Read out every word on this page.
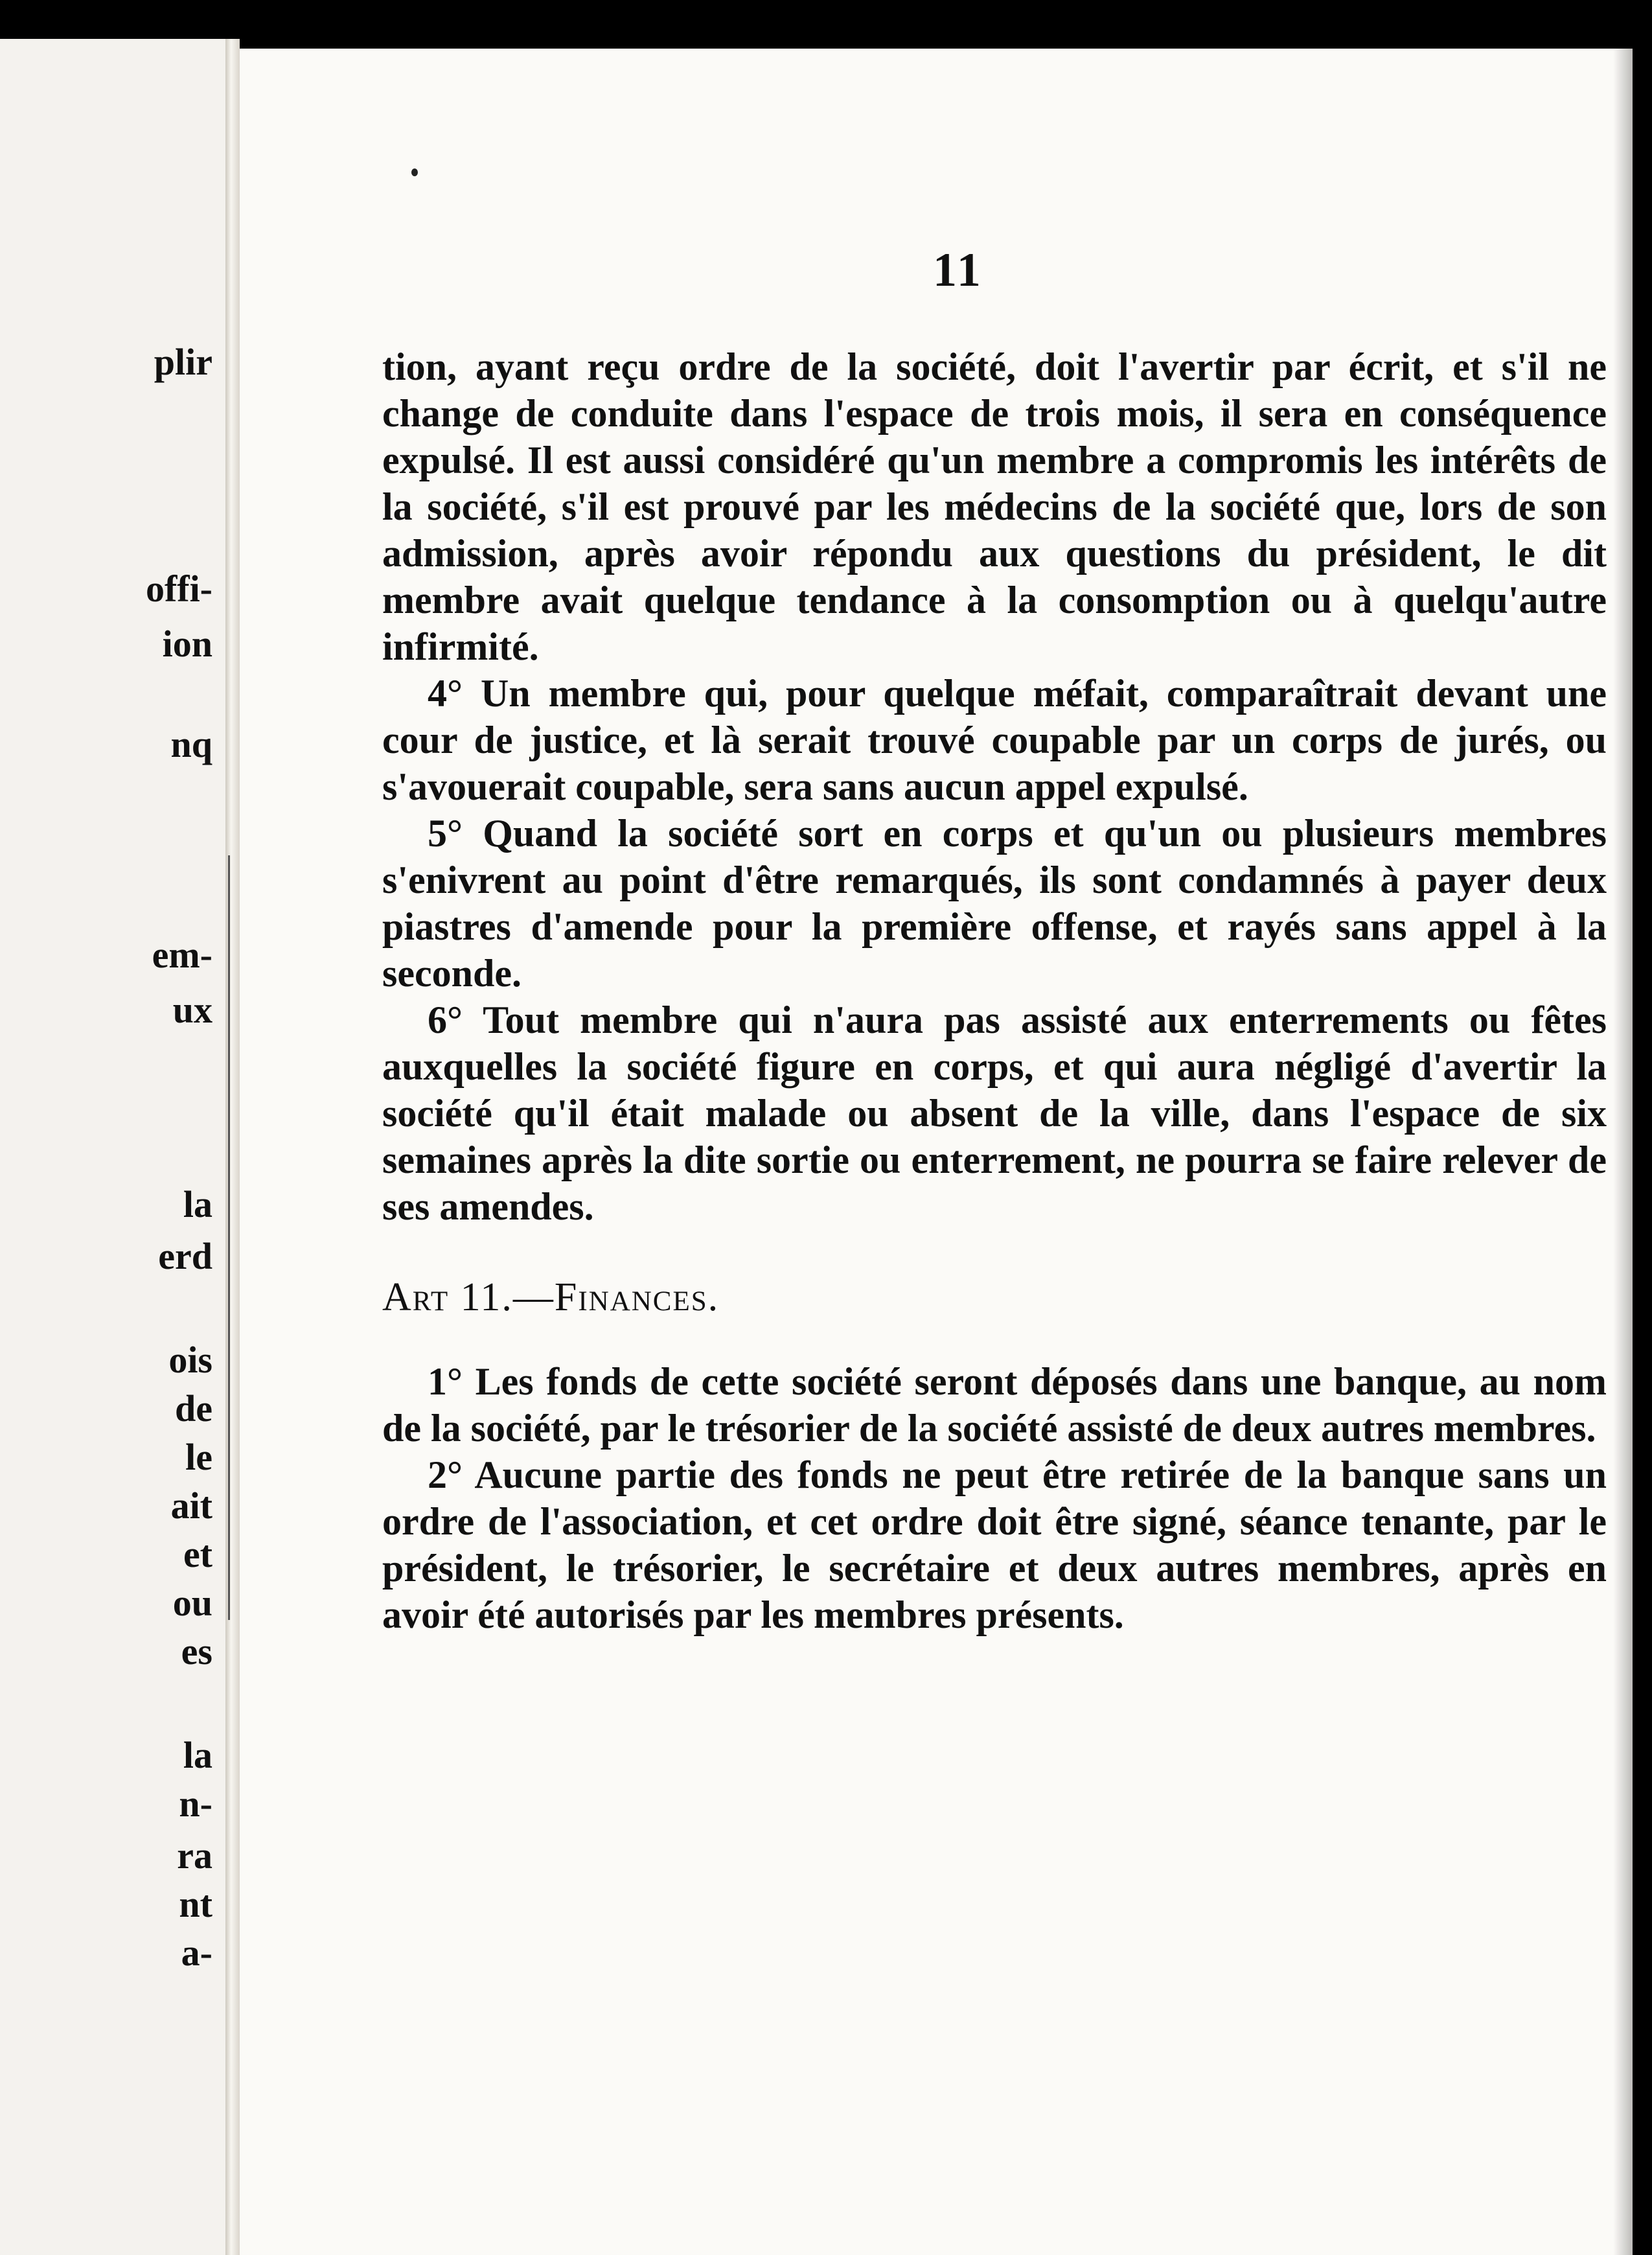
plir
offi-
ion
nq
em-
ux
la
erd
ois
de
le
ait
et
ou
es
la
n-
ra
nt
a-
11

tion, ayant reçu ordre de la société, doit l'avertir par écrit, et s'il ne change de conduite dans l'espace de trois mois, il sera en conséquence expulsé. Il est aussi considéré qu'un membre a compromis les intérêts de la société, s'il est prouvé par les médecins de la société que, lors de son admission, après avoir répondu aux questions du président, le dit membre avait quelque tendance à la consomption ou à quelqu'autre infirmité.

4° Un membre qui, pour quelque méfait, comparaîtrait devant une cour de justice, et là serait trouvé coupable par un corps de jurés, ou s'avouerait coupable, sera sans aucun appel expulsé.

5° Quand la société sort en corps et qu'un ou plusieurs membres s'enivrent au point d'être remarqués, ils sont condamnés à payer deux piastres d'amende pour la première offense, et rayés sans appel à la seconde.

6° Tout membre qui n'aura pas assisté aux enterrements ou fêtes auxquelles la société figure en corps, et qui aura négligé d'avertir la société qu'il était malade ou absent de la ville, dans l'espace de six semaines après la dite sortie ou enterrement, ne pourra se faire relever de ses amendes.

Art 11.—Finances.

1° Les fonds de cette société seront déposés dans une banque, au nom de la société, par le trésorier de la société assisté de deux autres membres.

2° Aucune partie des fonds ne peut être retirée de la banque sans un ordre de l'association, et cet ordre doit être signé, séance tenante, par le président, le trésorier, le secrétaire et deux autres membres, après en avoir été autorisés par les membres présents.
